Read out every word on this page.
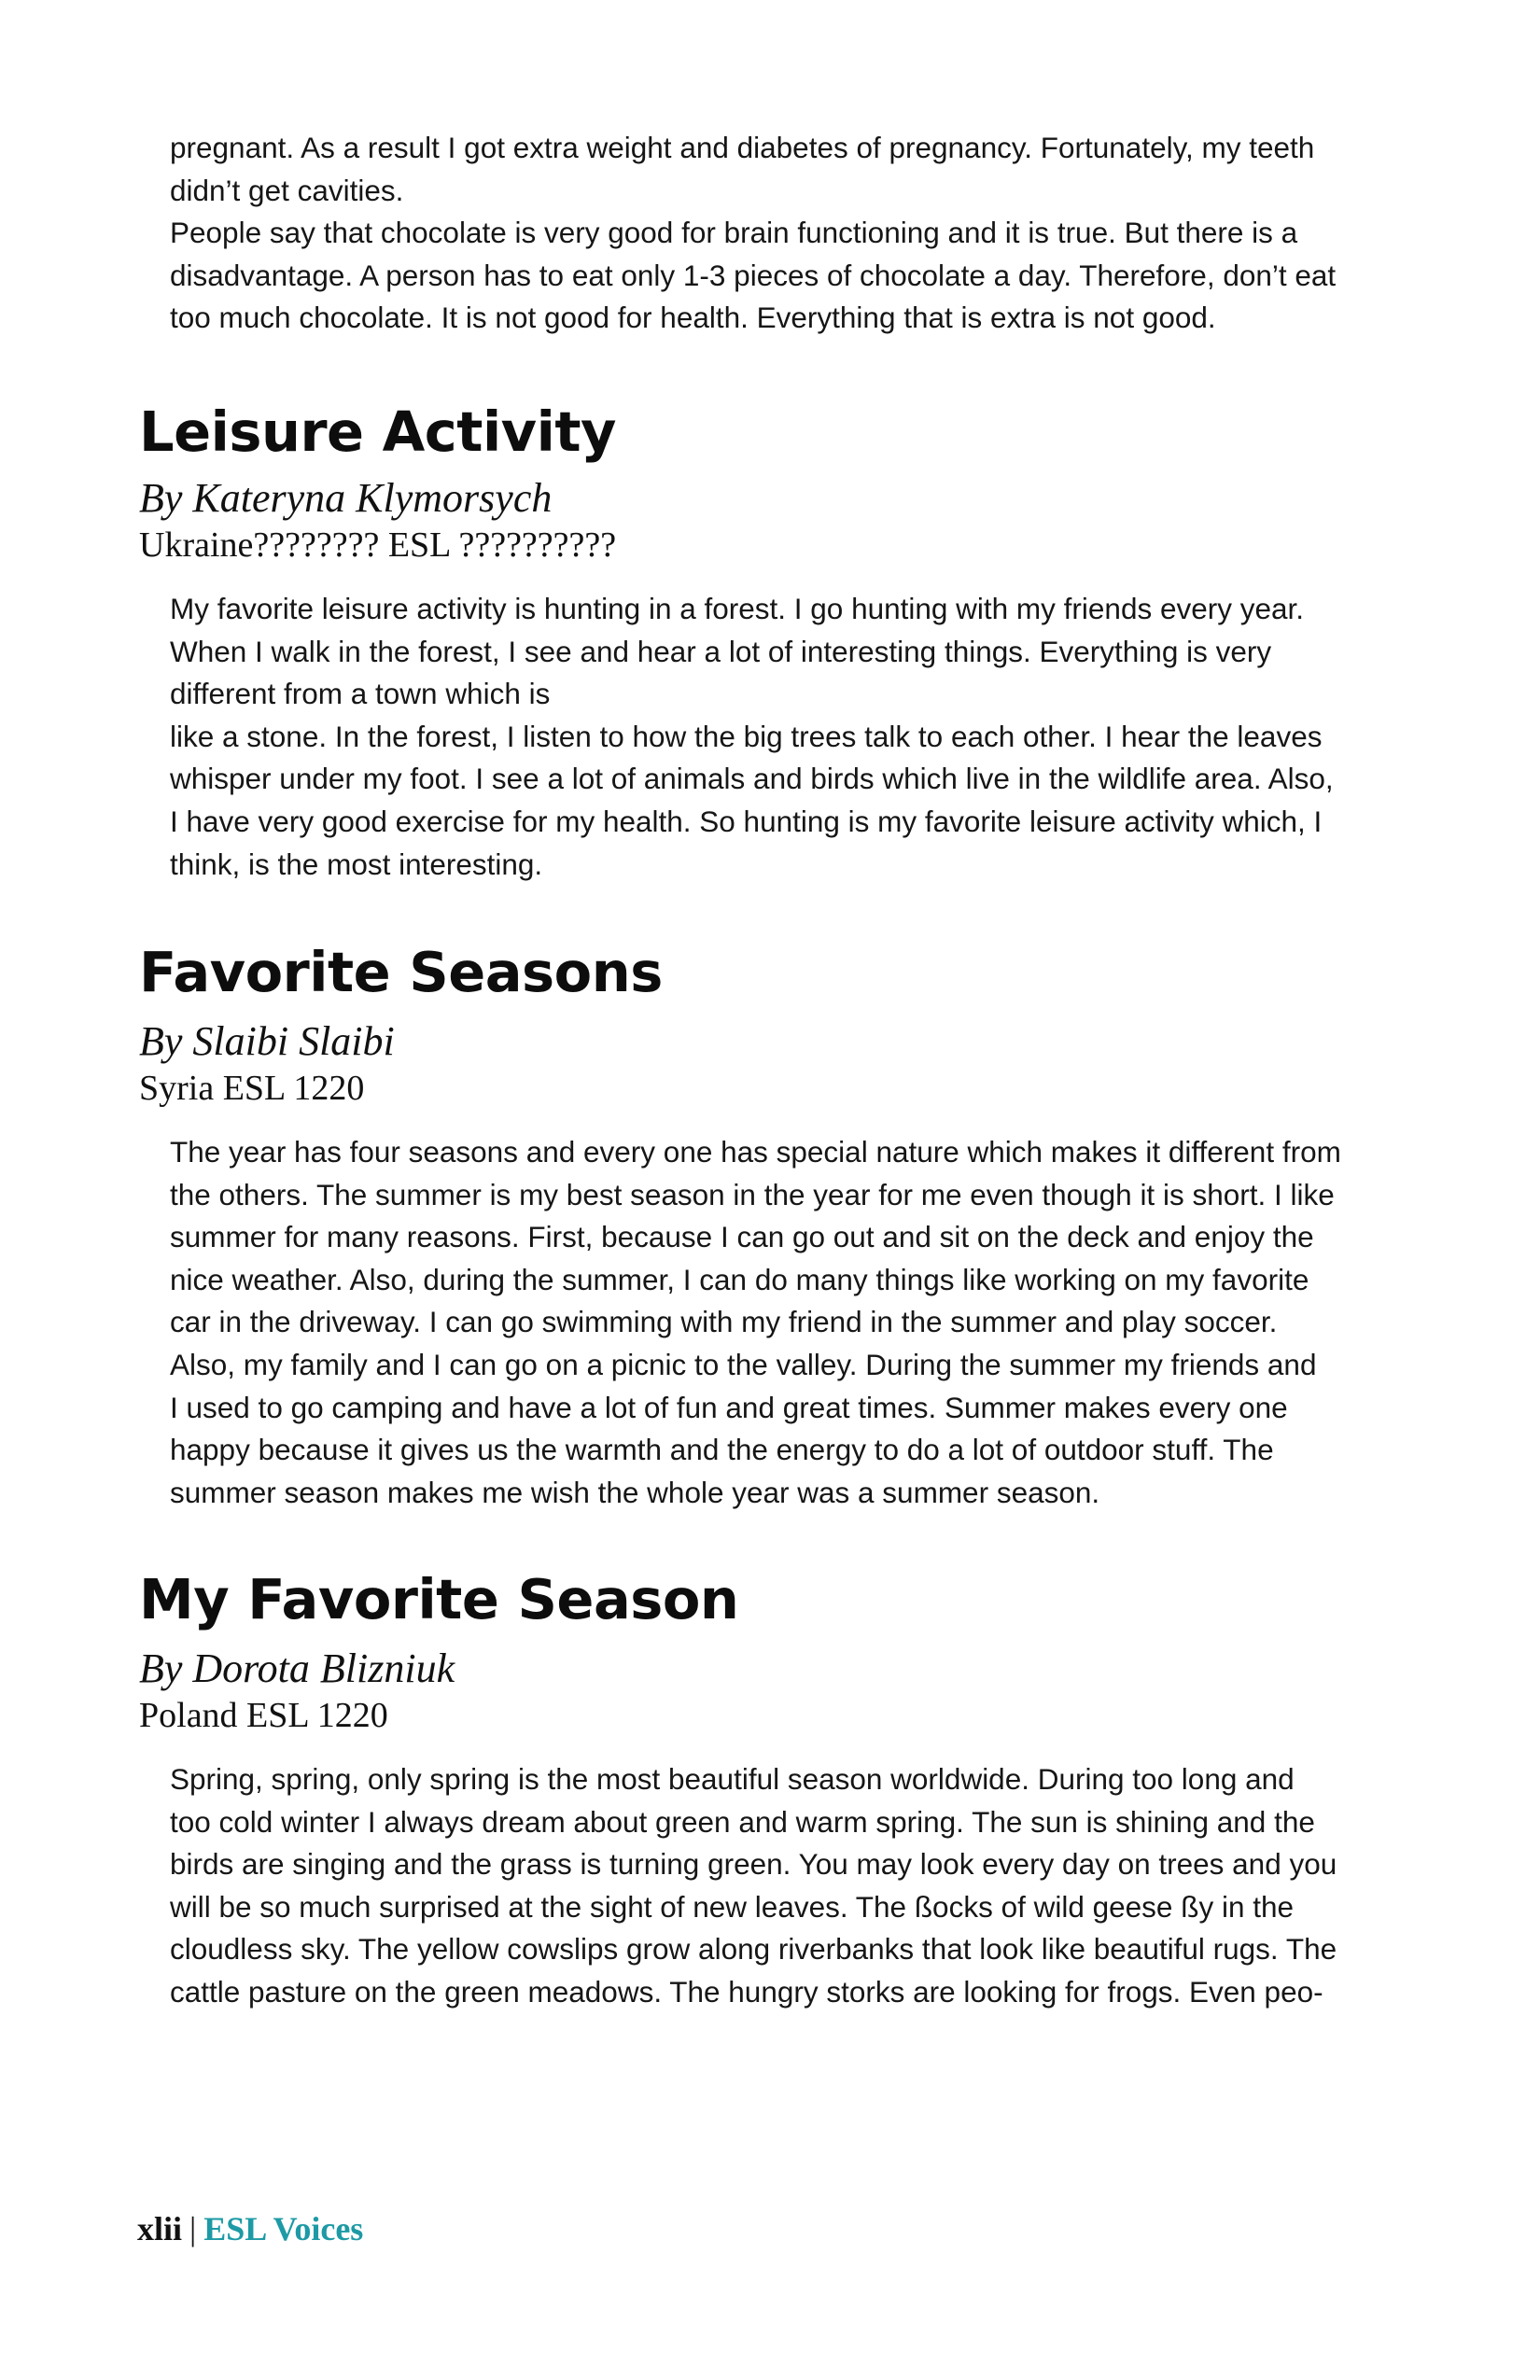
pregnant. As a result I got extra weight and diabetes of pregnancy. Fortunately, my teeth
didn’t get cavities.
People say that chocolate is very good for brain functioning and it is true. But there is a
disadvantage. A person has to eat only 1-3 pieces of chocolate a day. Therefore, don’t eat
too much chocolate. It is not good for health. Everything that is extra is not good.
Leisure Activity
By Kateryna Klymorsych
Ukraine???????? ESL ??????????
My favorite leisure activity is hunting in a forest. I go hunting with my friends every year.
When I walk in the forest, I see and hear a lot of interesting things. Everything is very
different from a town which is
like a stone. In the forest, I listen to how the big trees talk to each other. I hear the leaves
whisper under my foot. I see a lot of animals and birds which live in the wildlife area. Also,
I have very good exercise for my health. So hunting is my favorite leisure activity which, I
think, is the most interesting.
Favorite Seasons
By Slaibi Slaibi
Syria ESL 1220
The year has four seasons and every one has special nature which makes it different from
the others. The summer is my best season in the year for me even though it is short. I like
summer for many reasons. First, because I can go out and sit on the deck and enjoy the
nice weather. Also, during the summer, I can do many things like working on my favorite
car in the driveway. I can go swimming with my friend in the summer and play soccer.
Also, my family and I can go on a picnic to the valley. During the summer my friends and
I used to go camping and have a lot of fun and great times. Summer makes every one
happy because it gives us the warmth and the energy to do a lot of outdoor stuff. The
summer season makes me wish the whole year was a summer season.
My Favorite Season
By Dorota Blizniuk
Poland ESL 1220
Spring, spring, only spring is the most beautiful season worldwide. During too long and
too cold winter I always dream about green and warm spring. The sun is shining and the
birds are singing and the grass is turning green. You may look every day on trees and you
will be so much surprised at the sight of new leaves. The ßocks of wild geese ßy in the
cloudless sky. The yellow cowslips grow along riverbanks that look like beautiful rugs. The
cattle pasture on the green meadows. The hungry storks are looking for frogs. Even peo-
xlii | ESL Voices
